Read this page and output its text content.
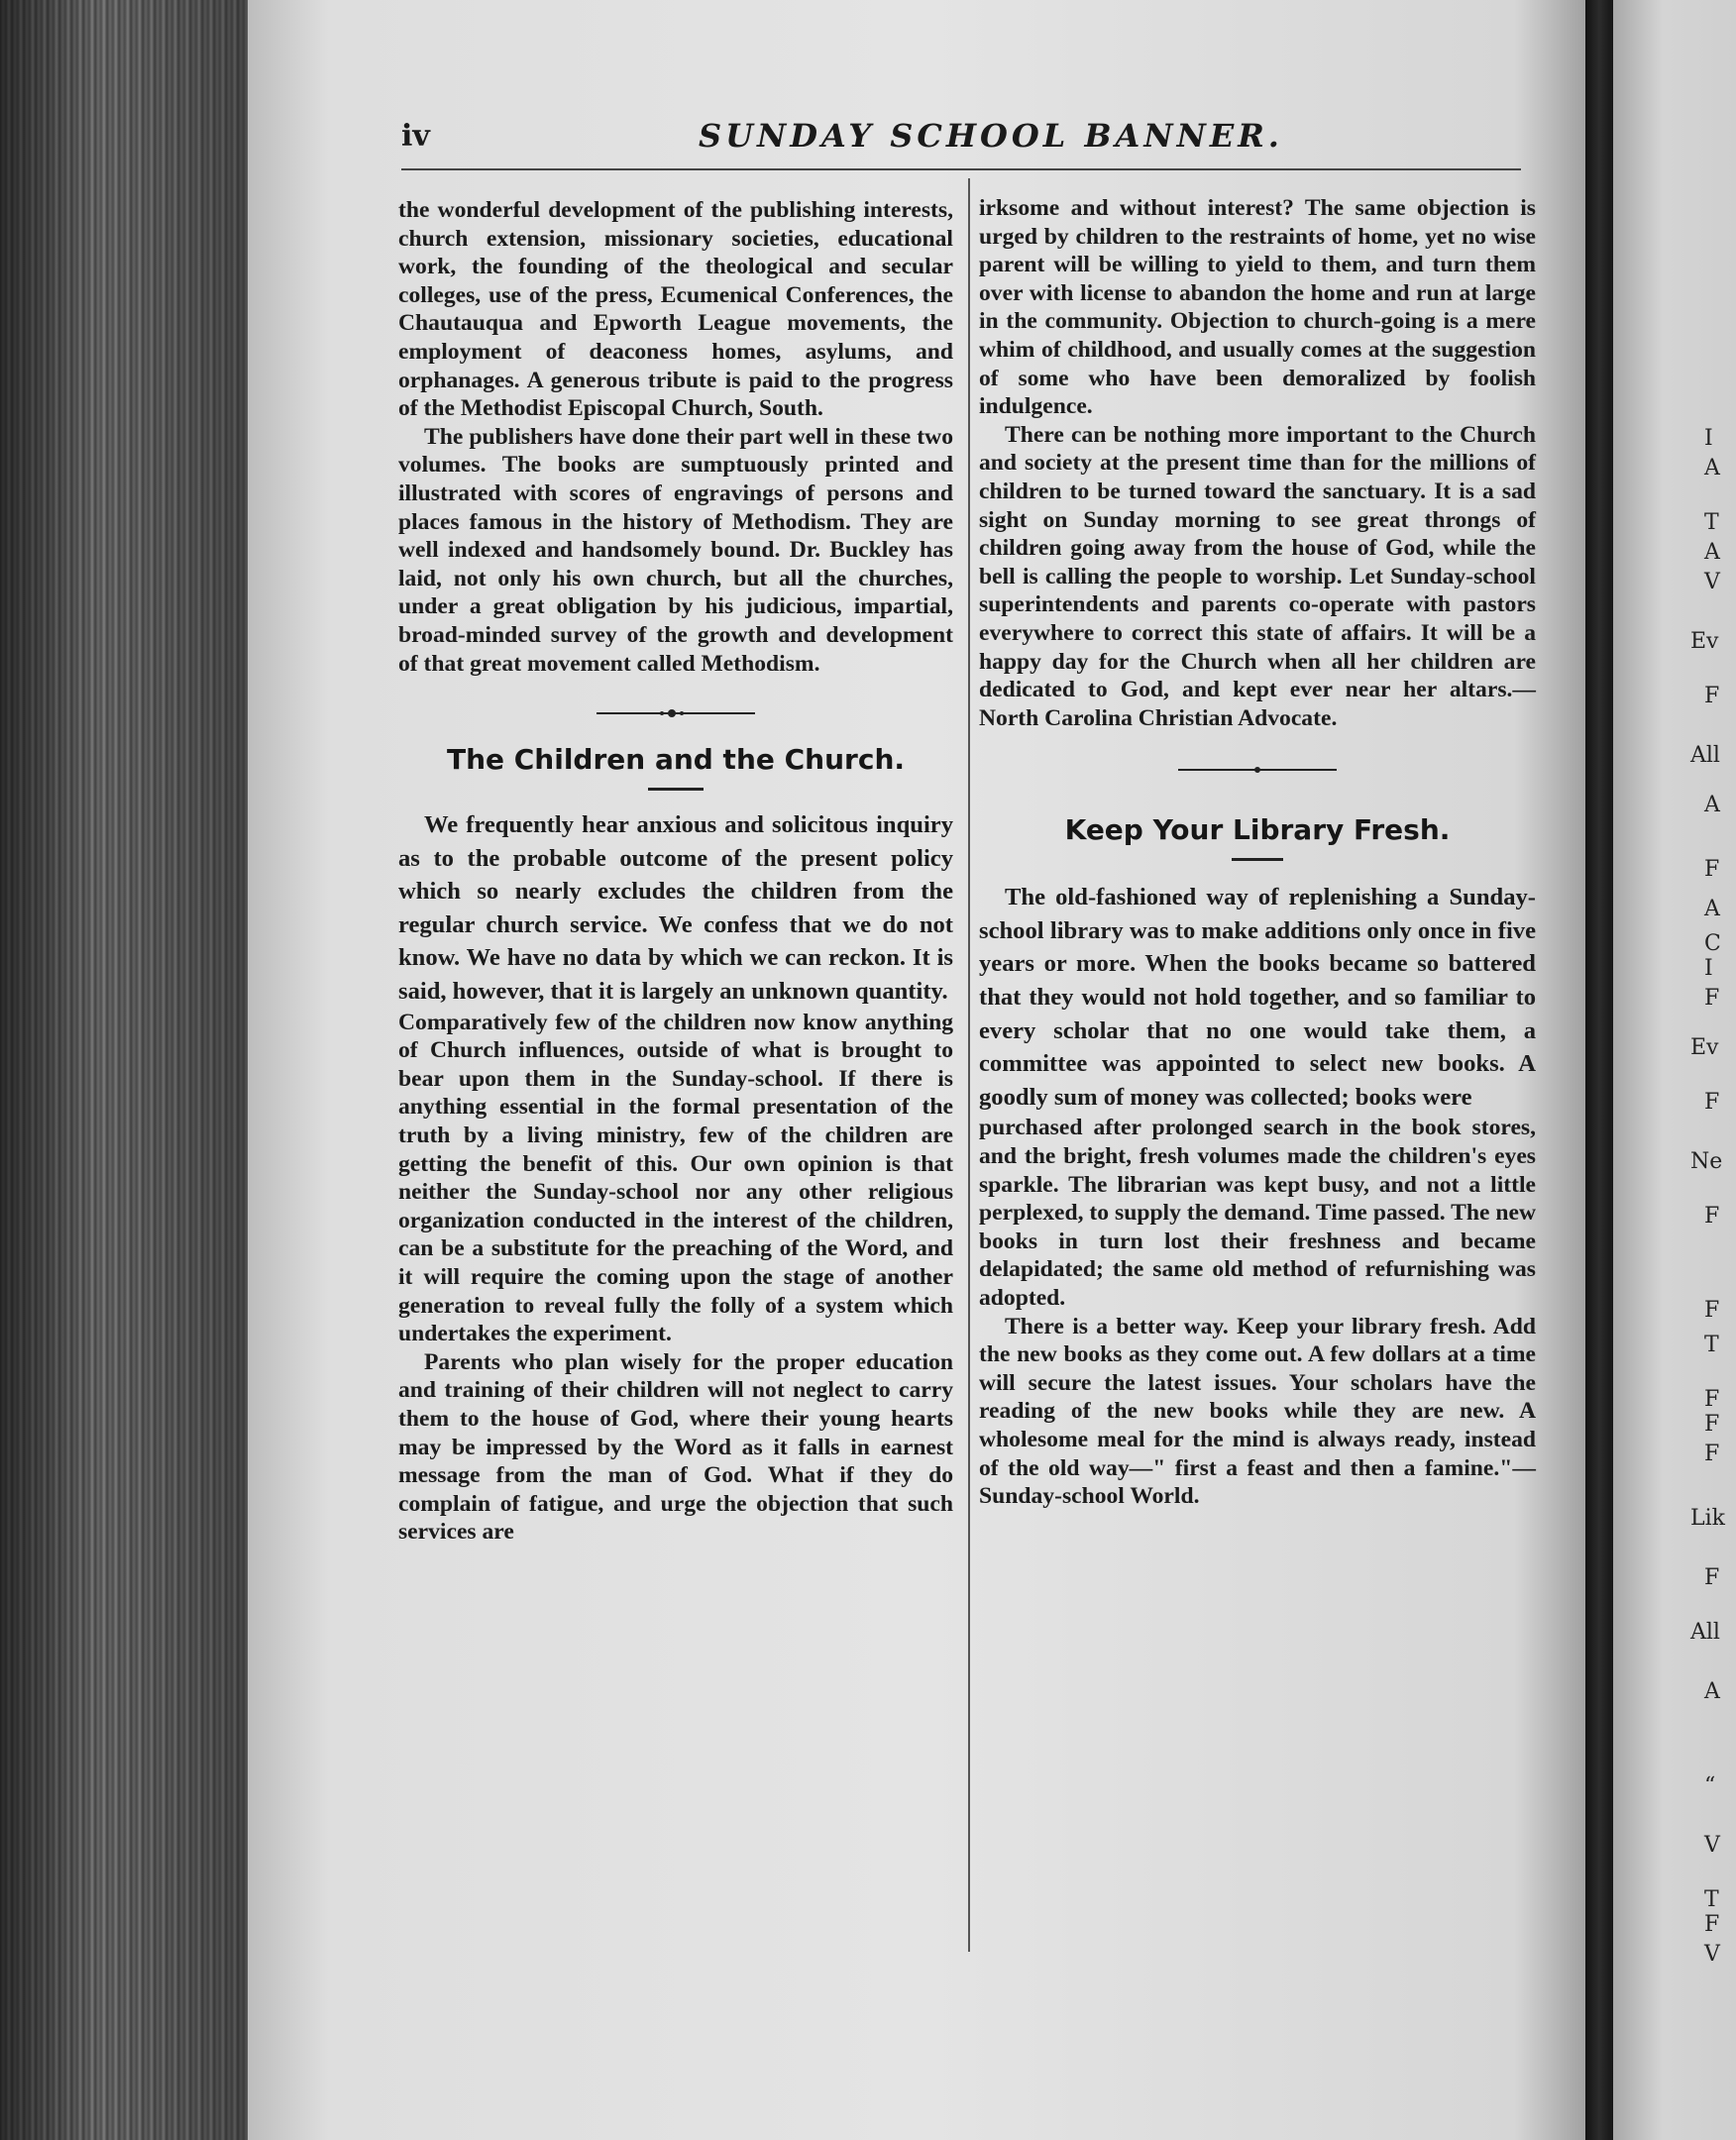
iv	SUNDAY SCHOOL BANNER.

the wonderful development of the publishing interests, church extension, missionary societies, educational work, the founding of the theological and secular colleges, use of the press, Ecumenical Conferences, the Chautauqua and Epworth League movements, the employment of deaconess homes, asylums, and orphanages. A generous tribute is paid to the progress of the Methodist Episcopal Church, South.

The publishers have done their part well in these two volumes. The books are sumptuously printed and illustrated with scores of engravings of persons and places famous in the history of Methodism. They are well indexed and handsomely bound. Dr. Buckley has laid, not only his own church, but all the churches, under a great obligation by his judicious, impartial, broad-minded survey of the growth and development of that great movement called Methodism.

The Children and the Church.

We frequently hear anxious and solicitous inquiry as to the probable outcome of the present policy which so nearly excludes the children from the regular church service. We confess that we do not know. We have no data by which we can reckon. It is said, however, that it is largely an unknown quantity.

Comparatively few of the children now know anything of Church influences, outside of what is brought to bear upon them in the Sunday-school. If there is anything essential in the formal presentation of the truth by a living ministry, few of the children are getting the benefit of this. Our own opinion is that neither the Sunday-school nor any other religious organization conducted in the interest of the children, can be a substitute for the preaching of the Word, and it will require the coming upon the stage of another generation to reveal fully the folly of a system which undertakes the experiment.

Parents who plan wisely for the proper education and training of their children will not neglect to carry them to the house of God, where their young hearts may be impressed by the Word as it falls in earnest message from the man of God. What if they do complain of fatigue, and urge the objection that such services are

irksome and without interest? The same objection is urged by children to the restraints of home, yet no wise parent will be willing to yield to them, and turn them over with license to abandon the home and run at large in the community. Objection to church-going is a mere whim of childhood, and usually comes at the suggestion of some who have been demoralized by foolish indulgence.

There can be nothing more important to the Church and society at the present time than for the millions of children to be turned toward the sanctuary. It is a sad sight on Sunday morning to see great throngs of children going away from the house of God, while the bell is calling the people to worship. Let Sunday-school superintendents and parents co-operate with pastors everywhere to correct this state of affairs. It will be a happy day for the Church when all her children are dedicated to God, and kept ever near her altars.—North Carolina Christian Advocate.

Keep Your Library Fresh.

The old-fashioned way of replenishing a Sunday-school library was to make additions only once in five years or more. When the books became so battered that they would not hold together, and so familiar to every scholar that no one would take them, a committee was appointed to select new books. A goodly sum of money was collected; books were

purchased after prolonged search in the book stores, and the bright, fresh volumes made the children's eyes sparkle. The librarian was kept busy, and not a little perplexed, to supply the demand. Time passed. The new books in turn lost their freshness and became delapidated; the same old method of refurnishing was adopted.

There is a better way. Keep your library fresh. Add the new books as they come out. A few dollars at a time will secure the latest issues. Your scholars have the reading of the new books while they are new. A wholesome meal for the mind is always ready, instead of the old way—" first a feast and then a famine."—Sunday-school World.

I
A
T
A
V
Ev
F
All
A
F
A
C
I
F
Ev
F
Ne
F
F
T
F
F
F
Lik
F
All
A
“
V
T
F
V
